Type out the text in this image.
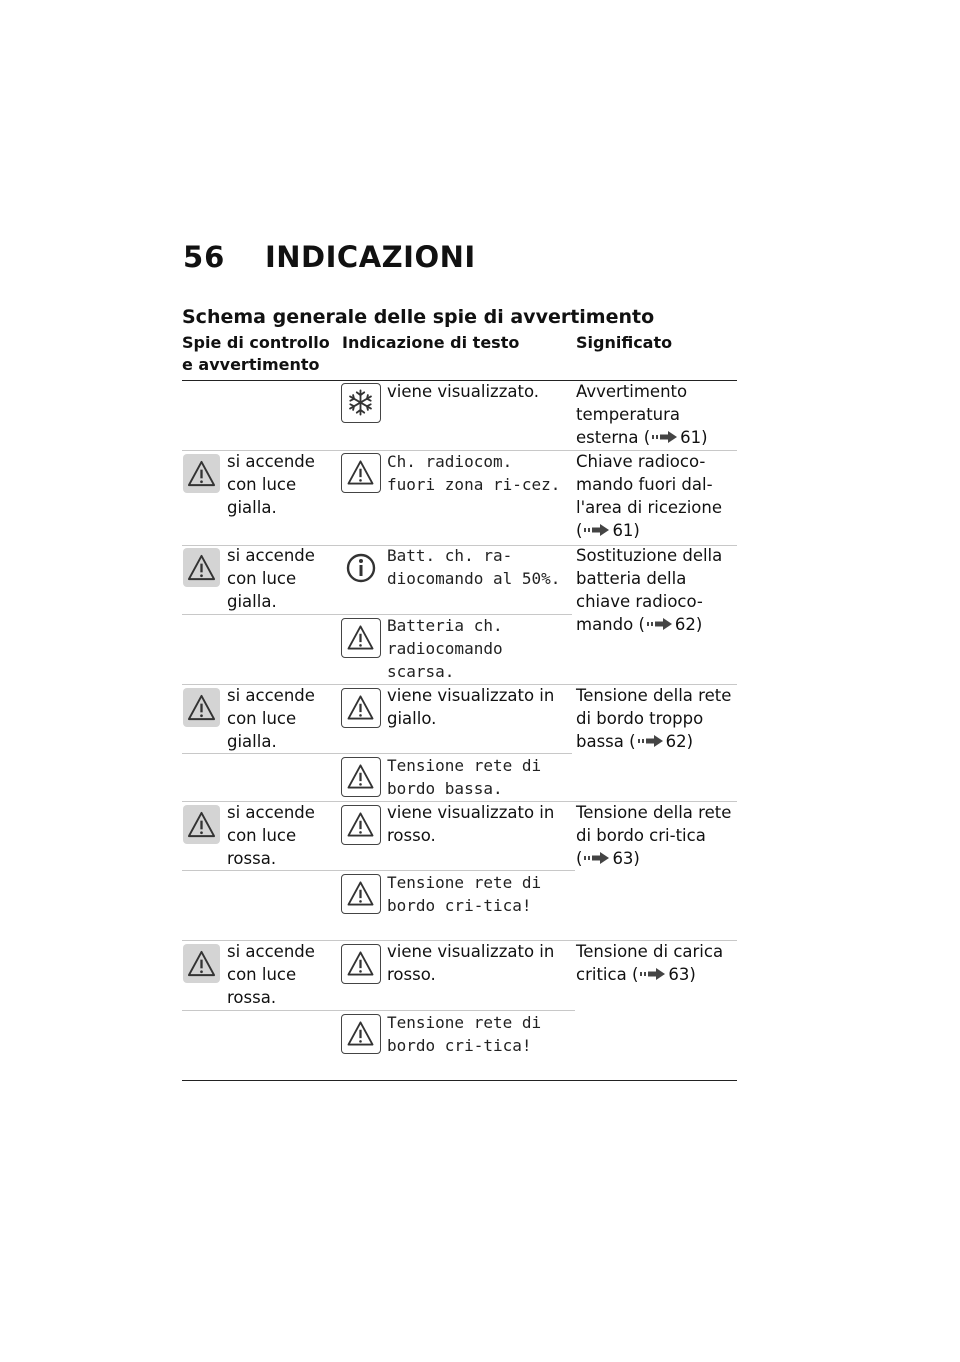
56	INDICAZIONI
Schema generale delle spie di avvertimento
Spie di controllo e avvertimento
Indicazione di testo	Significato
viene visualizzato.
si accende con luce gialla.
Ch. radiocom. fuori zona ri-cez.
si accende con luce gialla.
Batt. ch. ra-diocomando al 50%.
Batteria ch. radiocomando scarsa.
si accende con luce gialla.
viene visualizzato in giallo.
Tensione rete di bordo bassa.
si accende con luce rossa.
viene visualizzato in rosso.
Tensione rete di bordo cri-tica!
si accende con luce rossa.
viene visualizzato in rosso.
Tensione rete di bordo cri-tica!
Avvertimento temperatura esterna ( 61)
Chiave radioco-mando fuori dal-l'area di ricezione ( 61)
Sostituzione della batteria della chiave radioco-mando ( 62)
Tensione della rete di bordo troppo bassa ( 62)
Tensione della rete di bordo cri-tica ( 63)
Tensione di carica critica ( 63)
